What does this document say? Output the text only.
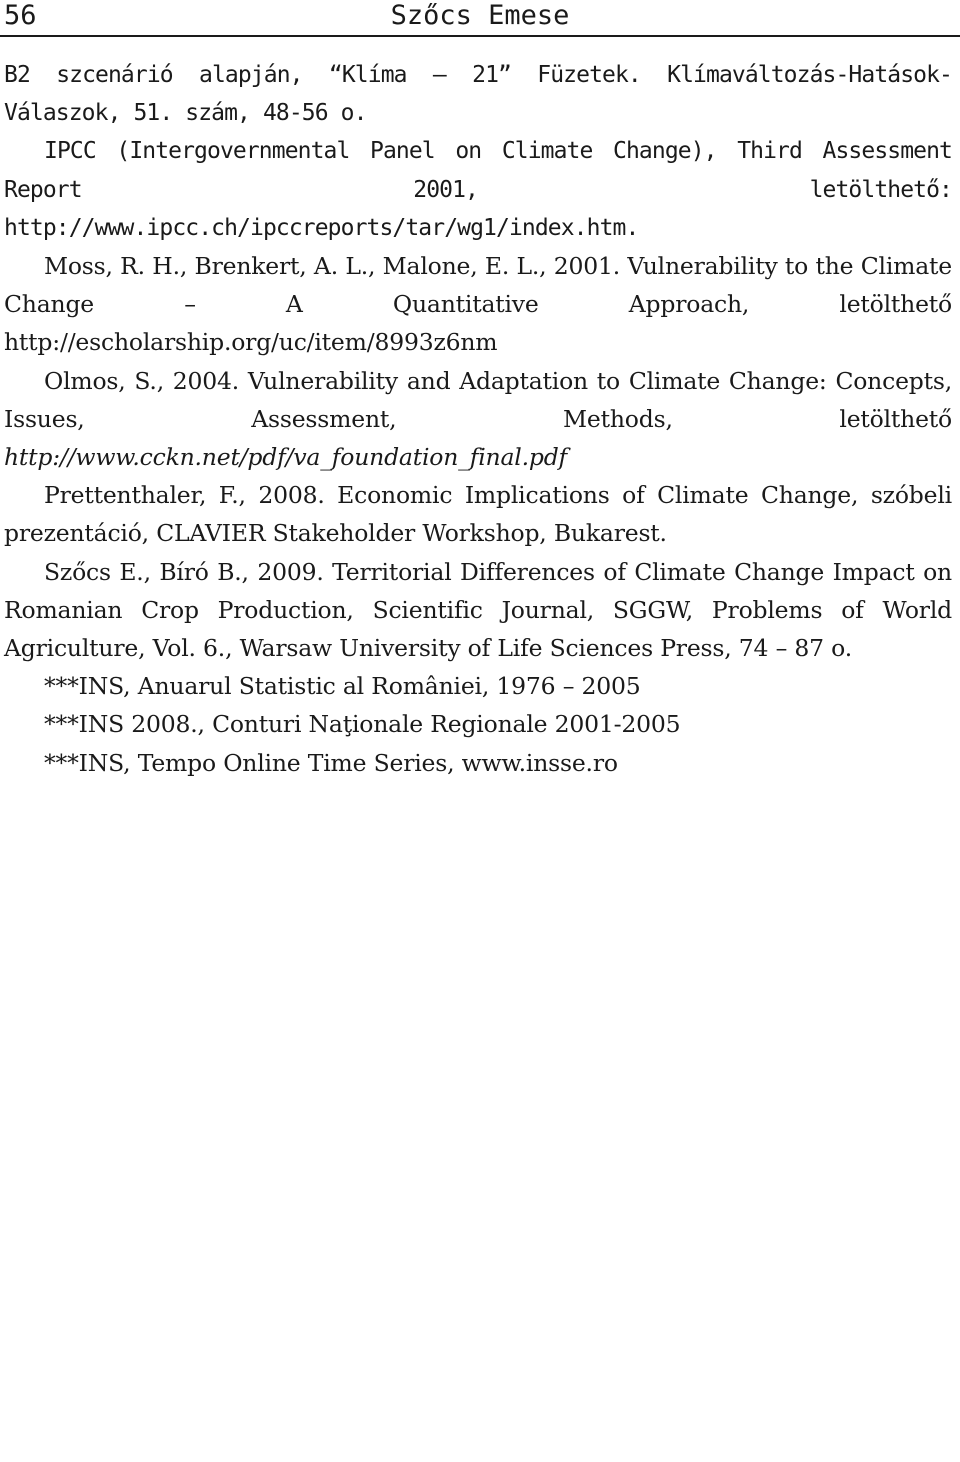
56	Szőcs Emese

B2 szcenárió alapján, “Klíma – 21” Füzetek. Klímaváltozás-Hatások-Válaszok, 51. szám, 48-56 o.

IPCC (Intergovernmental Panel on Climate Change), Third Assessment Report 2001, letölthető: http://www.ipcc.ch/ipccreports/tar/wg1/index.htm.

Moss, R. H., Brenkert, A. L., Malone, E. L., 2001. Vulnerability to the Climate Change – A Quantitative Approach, letölthető http://escholarship.org/uc/item/8993z6nm

Olmos, S., 2004. Vulnerability and Adaptation to Climate Change: Concepts, Issues, Assessment, Methods, letölthető http://www.cckn.net/pdf/va_foundation_final.pdf

Prettenthaler, F., 2008. Economic Implications of Climate Change, szóbeli prezentáció, CLAVIER Stakeholder Workshop, Bukarest.

Szőcs E., Bíró B., 2009. Territorial Differences of Climate Change Impact on Romanian Crop Production, Scientific Journal, SGGW, Problems of World Agriculture, Vol. 6., Warsaw University of Life Sciences Press, 74 – 87 o.

***INS, Anuarul Statistic al României, 1976 – 2005

***INS 2008., Conturi Naţionale Regionale 2001-2005

***INS, Tempo Online Time Series, www.insse.ro
